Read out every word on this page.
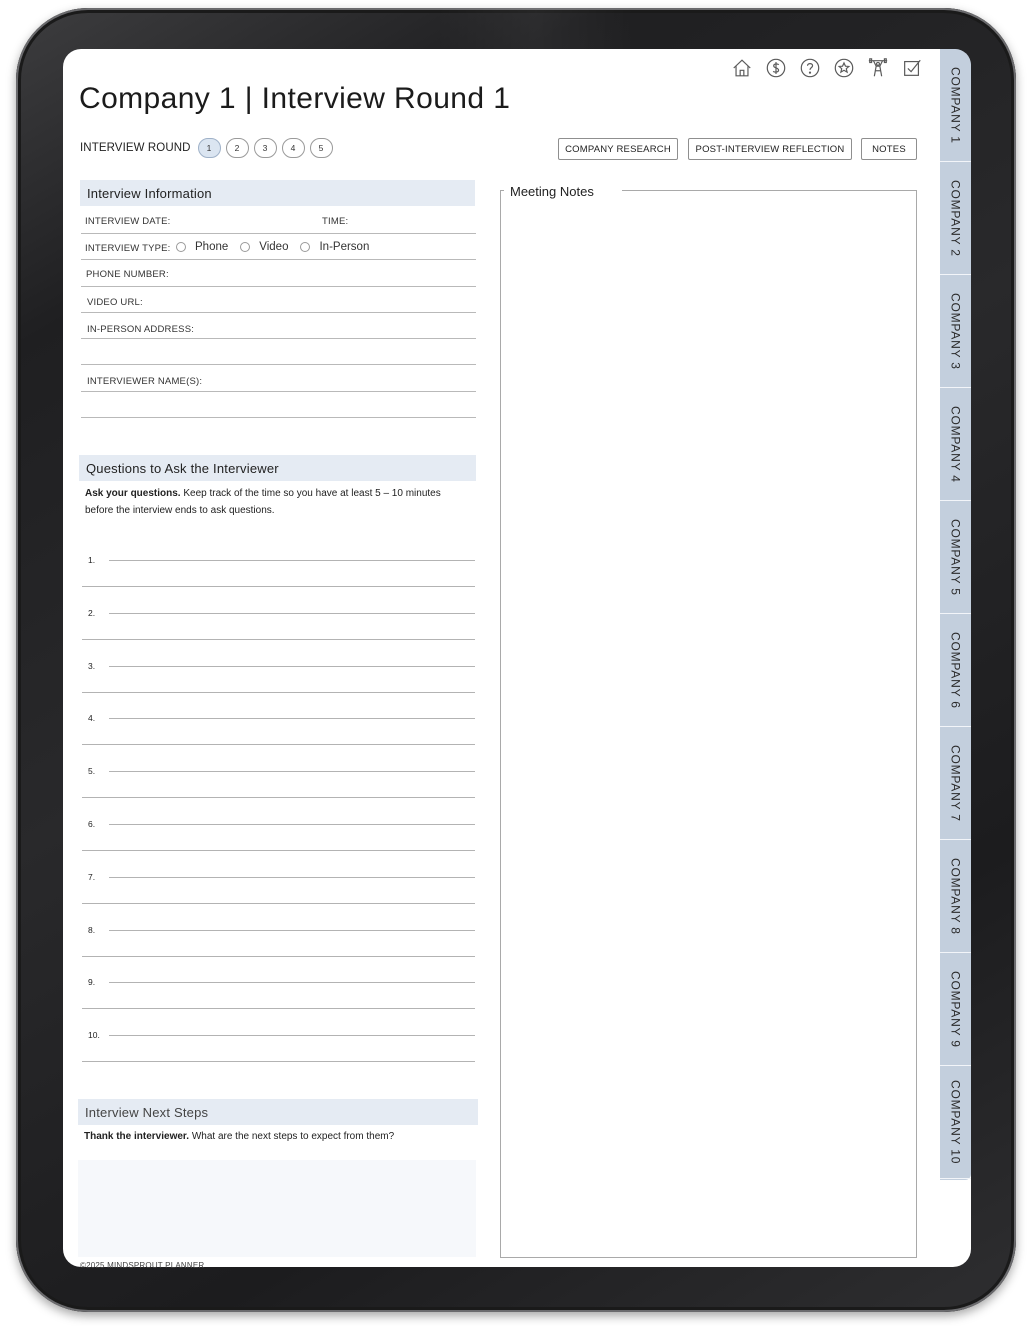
COMPANY 1
COMPANY 2
COMPANY 3
COMPANY 4
COMPANY 5
COMPANY 6
COMPANY 7
COMPANY 8
COMPANY 9
COMPANY 10
Company 1 | Interview Round 1
INTERVIEW ROUND	1	2	3	4	5	COMPANY RESEARCH	POST-INTERVIEW REFLECTION	NOTES
Interview Information
INTERVIEW DATE:	TIME:
INTERVIEW TYPE: Phone	Video	In-Person
PHONE NUMBER:
VIDEO URL:
IN-PERSON ADDRESS:
INTERVIEWER NAME(S):
Questions to Ask the Interviewer
Ask your questions. Keep track of the time so you have at least 5 – 10 minutes before the interview ends to ask questions.
1.
2.
3.
4.
5.
6.
7.
8.
9.
10.
Interview Next Steps
Thank the interviewer. What are the next steps to expect from them?
©2025 MINDSPROUT PLANNER
Meeting Notes
